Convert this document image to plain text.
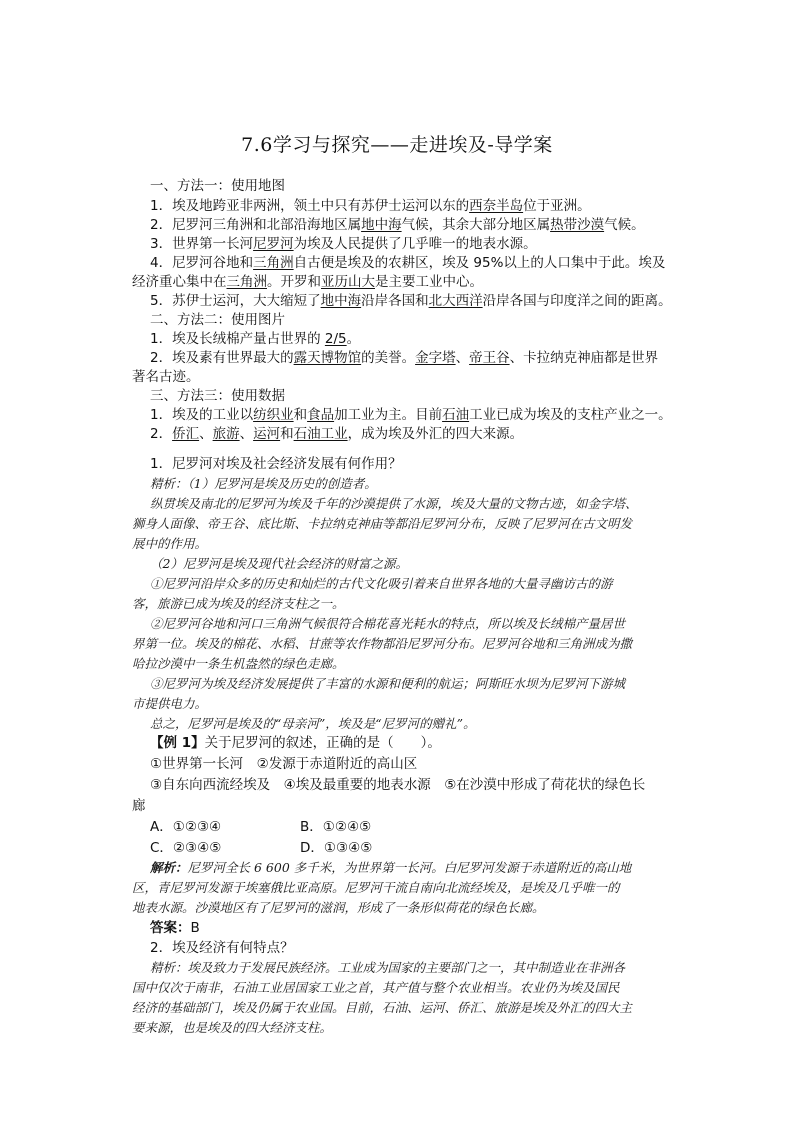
7.6学习与探究——走进埃及-导学案
一、方法一：使用地图
1．埃及地跨亚非两洲，领土中只有苏伊士运河以东的西奈半岛位于亚洲。
2．尼罗河三角洲和北部沿海地区属地中海气候，其余大部分地区属热带沙漠气候。
3．世界第一长河尼罗河为埃及人民提供了几乎唯一的地表水源。
4．尼罗河谷地和三角洲自古便是埃及的农耕区，埃及 95%以上的人口集中于此。埃及
经济重心集中在三角洲。开罗和亚历山大是主要工业中心。
5．苏伊士运河，大大缩短了地中海沿岸各国和北大西洋沿岸各国与印度洋之间的距离。
二、方法二：使用图片
1．埃及长绒棉产量占世界的 2/5。
2．埃及素有世界最大的露天博物馆的美誉。金字塔、帝王谷、卡拉纳克神庙都是世界
著名古迹。
三、方法三：使用数据
1．埃及的工业以纺织业和食品加工业为主。目前石油工业已成为埃及的支柱产业之一。
2．侨汇、旅游、运河和石油工业，成为埃及外汇的四大来源。
1．尼罗河对埃及社会经济发展有何作用？
精析：（1）尼罗河是埃及历史的创造者。
纵贯埃及南北的尼罗河为埃及千年的沙漠提供了水源，埃及大量的文物古迹，如金字塔、
狮身人面像、帝王谷、底比斯、卡拉纳克神庙等都沿尼罗河分布，反映了尼罗河在古文明发
展中的作用。
（2）尼罗河是埃及现代社会经济的财富之源。
①尼罗河沿岸众多的历史和灿烂的古代文化吸引着来自世界各地的大量寻幽访古的游
客，旅游已成为埃及的经济支柱之一。
②尼罗河谷地和河口三角洲气候很符合棉花喜光耗水的特点，所以埃及长绒棉产量居世
界第一位。埃及的棉花、水稻、甘蔗等农作物都沿尼罗河分布。尼罗河谷地和三角洲成为撒
哈拉沙漠中一条生机盎然的绿色走廊。
③尼罗河为埃及经济发展提供了丰富的水源和便利的航运；阿斯旺水坝为尼罗河下游城
市提供电力。
总之，尼罗河是埃及的“母亲河”，埃及是“尼罗河的赠礼”。
【例 1】关于尼罗河的叙述，正确的是（　　）。
①世界第一长河　②发源于赤道附近的高山区
③自东向西流经埃及　④埃及最重要的地表水源　⑤在沙漠中形成了荷花状的绿色长
廊
A．①②③④	B．①②④⑤
C．②③④⑤	D．①③④⑤
解析：尼罗河全长 6 600 多千米，为世界第一长河。白尼罗河发源于赤道附近的高山地
区，青尼罗河发源于埃塞俄比亚高原。尼罗河干流自南向北流经埃及，是埃及几乎唯一的
地表水源。沙漠地区有了尼罗河的滋润，形成了一条形似荷花的绿色长廊。
答案：B
2．埃及经济有何特点？
精析：埃及致力于发展民族经济。工业成为国家的主要部门之一，其中制造业在非洲各
国中仅次于南非，石油工业居国家工业之首，其产值与整个农业相当。农业仍为埃及国民
经济的基础部门，埃及仍属于农业国。目前，石油、运河、侨汇、旅游是埃及外汇的四大主
要来源，也是埃及的四大经济支柱。
